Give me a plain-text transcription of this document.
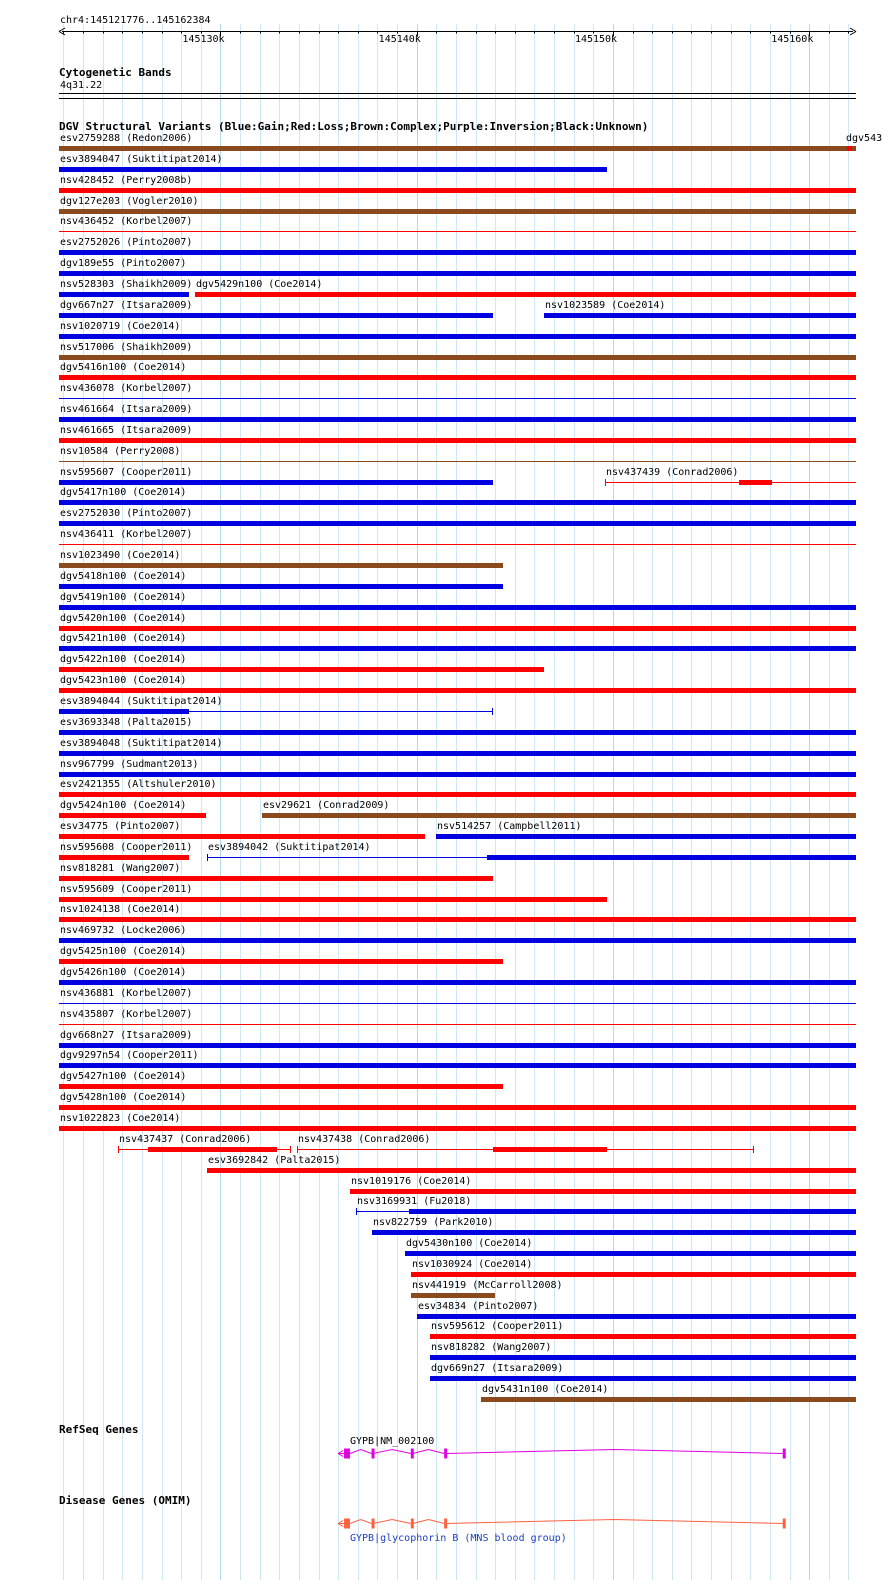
chr4:145121776..145162384
Cytogenetic Bands
4q31.22
DGV Structural Variants (Blue:Gain;Red:Loss;Brown:Complex;Purple:Inversion;Black:Unknown)
esv2759288 (Redon2006)	dgv543
esv3894047 (Suktitipat2014)
nsv428452 (Perry2008b)
dgv127e203 (Vogler2010)
nsv436452 (Korbel2007)
esv2752026 (Pinto2007)
dgv189e55 (Pinto2007)
nsv528303 (Shaikh2009) dgv5429n100 (Coe2014)
dgv667n27 (Itsara2009)	nsv1023589 (Coe2014)
nsv1020719 (Coe2014)
nsv517006 (Shaikh2009)
dgv5416n100 (Coe2014)
nsv436078 (Korbel2007)
nsv461664 (Itsara2009)
nsv461665 (Itsara2009)
nsv10584 (Perry2008)
nsv595607 (Cooper2011)	nsv437439 (Conrad2006)
dgv5417n100 (Coe2014)
esv2752030 (Pinto2007)
nsv436411 (Korbel2007)
nsv1023490 (Coe2014)
dgv5418n100 (Coe2014)
dgv5419n100 (Coe2014)
dgv5420n100 (Coe2014)
dgv5421n100 (Coe2014)
dgv5422n100 (Coe2014)
dgv5423n100 (Coe2014)
esv3894044 (Suktitipat2014)
esv3693348 (Palta2015)
esv3894048 (Suktitipat2014)
nsv967799 (Sudmant2013)
esv2421355 (Altshuler2010)
dgv5424n100 (Coe2014)	esv29621 (Conrad2009)
esv34775 (Pinto2007)	nsv514257 (Campbell2011)
nsv595608 (Cooper2011) esv3894042 (Suktitipat2014)
nsv818281 (Wang2007)
nsv595609 (Cooper2011)
nsv1024138 (Coe2014)
nsv469732 (Locke2006)
dgv5425n100 (Coe2014)
dgv5426n100 (Coe2014)
nsv436881 (Korbel2007)
nsv435807 (Korbel2007)
dgv668n27 (Itsara2009)
dgv9297n54 (Cooper2011)
dgv5427n100 (Coe2014)
dgv5428n100 (Coe2014)
nsv1022823 (Coe2014)
nsv437437 (Conrad2006)	nsv437438 (Conrad2006)
esv3692842 (Palta2015)
nsv1019176 (Coe2014)
nsv3169931 (Fu2018)
nsv822759 (Park2010)
dgv5430n100 (Coe2014)
nsv1030924 (Coe2014)
nsv441919 (McCarroll2008)
esv34834 (Pinto2007)
nsv595612 (Cooper2011)
nsv818282 (Wang2007)
dgv669n27 (Itsara2009)
dgv5431n100 (Coe2014)
RefSeq Genes
GYPB|NM_002100
Disease Genes (OMIM)
GYPB|glycophorin B (MNS blood group)
145130k	145140k	145150k	145160k
